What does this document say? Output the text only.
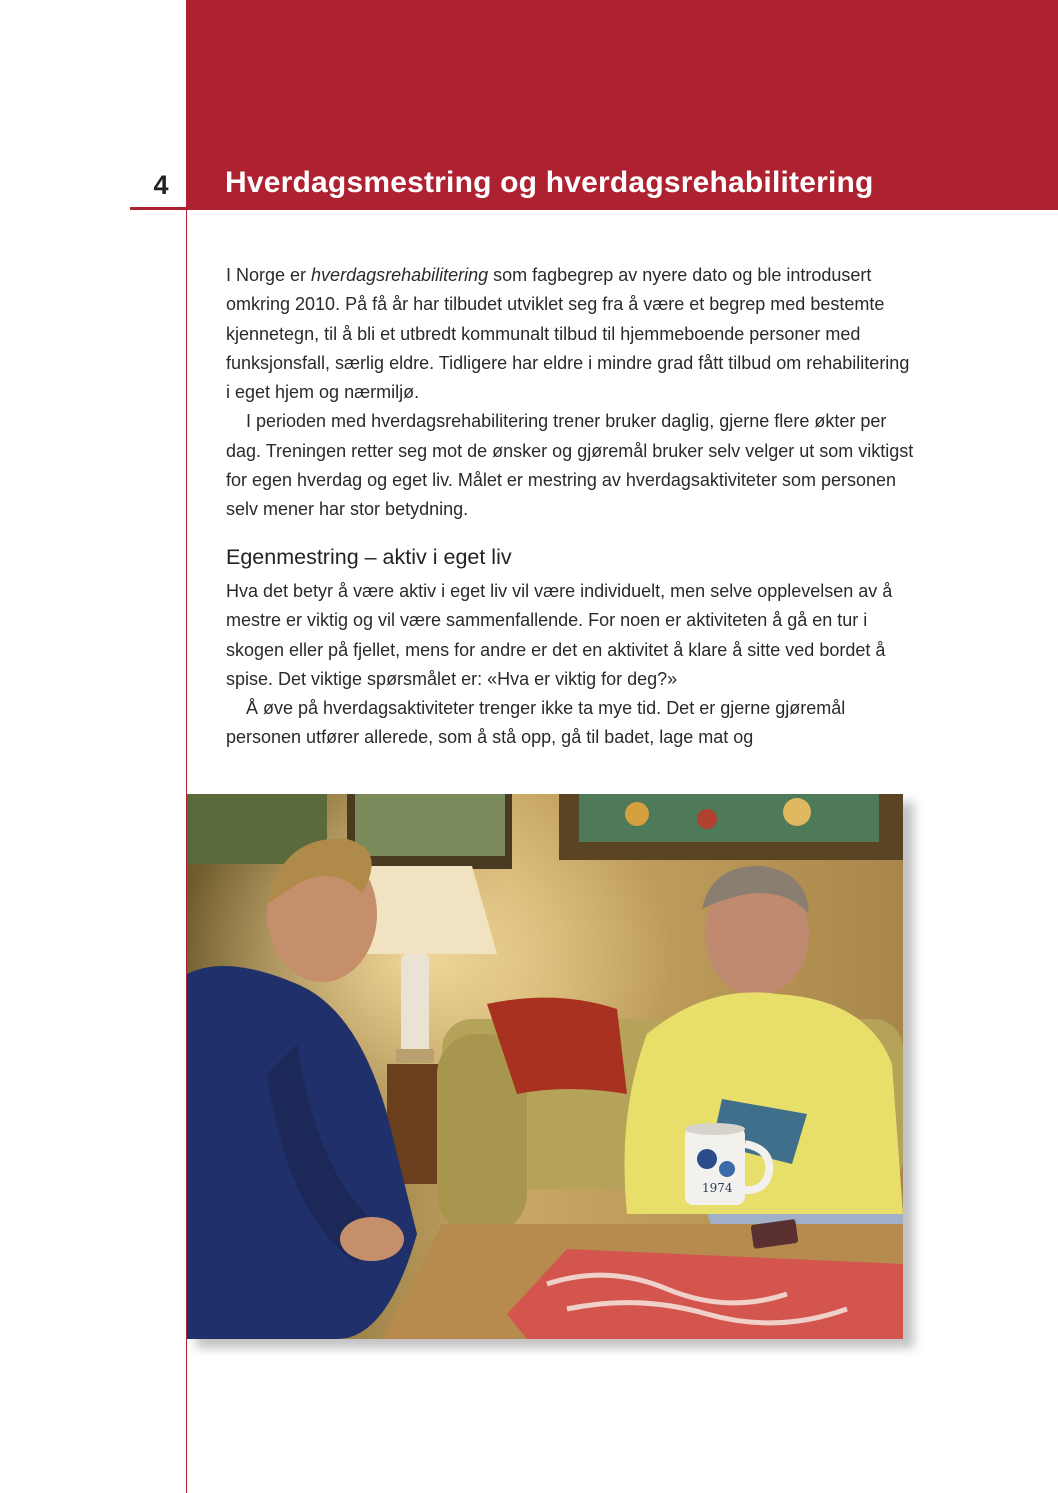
4 Hverdagsmestring og hverdagsrehabilitering

I Norge er hverdagsrehabilitering som fagbegrep av nyere dato og ble introdusert omkring 2010. På få år har tilbudet utviklet seg fra å være et begrep med bestemte kjennetegn, til å bli et utbredt kommunalt tilbud til hjemmeboende personer med funksjonsfall, særlig eldre. Tidligere har eldre i mindre grad fått tilbud om rehabilitering i eget hjem og nærmiljø.

I perioden med hverdagsrehabilitering trener bruker daglig, gjerne flere økter per dag. Treningen retter seg mot de ønsker og gjøremål bruker selv velger ut som viktigst for egen hverdag og eget liv. Målet er mestring av hverdagsaktiviteter som personen selv mener har stor betydning.

Egenmestring – aktiv i eget liv

Hva det betyr å være aktiv i eget liv vil være individuelt, men selve opplevelsen av å mestre er viktig og vil være sammenfallende. For noen er aktiviteten å gå en tur i skogen eller på fjellet, mens for andre er det en aktivitet å klare å sitte ved bordet å spise. Det viktige spørsmålet er: «Hva er viktig for deg?»

Å øve på hverdagsaktiviteter trenger ikke ta mye tid. Det er gjerne gjøremål personen utfører allerede, som å stå opp, gå til badet, lage mat og

1974
